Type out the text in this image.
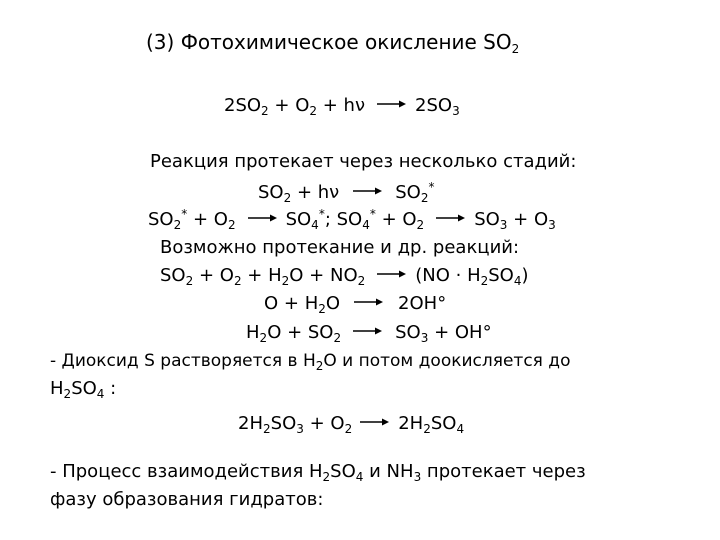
(3) Фотохимическое окисление $SO_2$
$2SO_2 + O_2 + h\nu \to 2SO_3$
Реакция протекает через несколько стадий:
$SO_2 + h\nu \to SO_2^*$
$SO_2^* + O_2 \to SO_4^*$; $SO_4^* + O_2 \to SO_3 + O_3$
Возможно протекание и др. реакций:
$SO_2 + O_2 + H_2O + NO_2 \to (NO \cdot H_2SO_4)$
$O + H_2O \to 2OH^\circ$
$H_2O + SO_2 \to SO_3 + OH^\circ$
- Диоксид S растворяется в $H_2O$ и потом доокисляется до
$H_2SO_4$ :
$2H_2SO_3 + O_2 \to 2H_2SO_4$
- Процесс взаимодействия $H_2SO_4$ и $NH_3$ протекает через
фазу образования гидратов:
